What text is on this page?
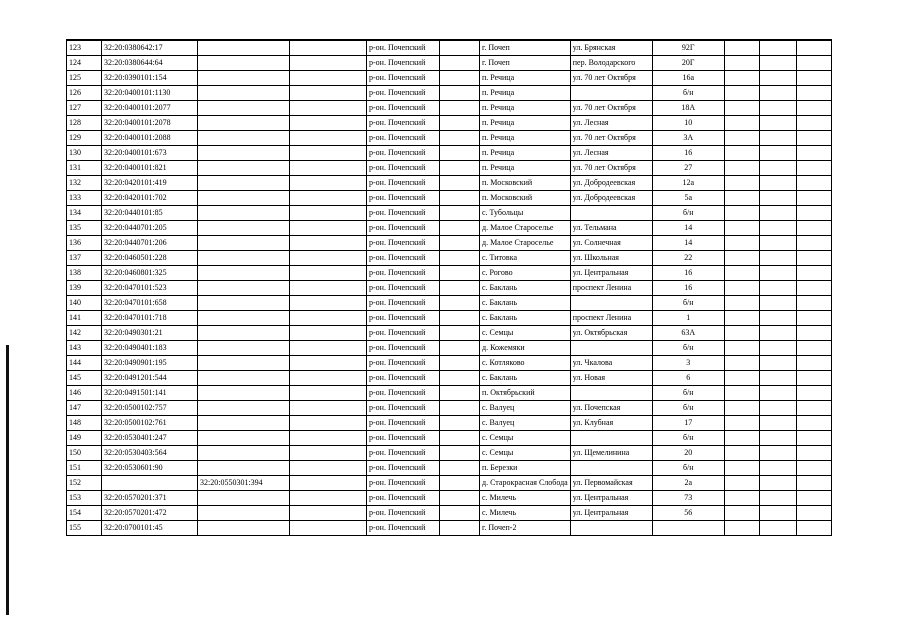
123	32:20:0380642:17			р-он. Почепский		г. Почеп	ул. Брянская	92Г			
124	32:20:0380644:64			р-он. Почепский		г. Почеп	пер. Володарского	20Г			
125	32:20:0390101:154			р-он. Почепский		п. Речица	ул. 70 лет Октября	16а			
126	32:20:0400101:1130			р-он. Почепский		п. Речица		б/н			
127	32:20:0400101:2077			р-он. Почепский		п. Речица	ул. 70 лет Октября	18А			
128	32:20:0400101:2078			р-он. Почепский		п. Речица	ул. Лесная	10			
129	32:20:0400101:2088			р-он. Почепский		п. Речица	ул. 70 лет Октября	3А			
130	32:20:0400101:673			р-он. Почепский		п. Речица	ул. Лесная	16			
131	32:20:0400101:821			р-он. Почепский		п. Речица	ул. 70 лет Октября	27			
132	32:20:0420101:419			р-он. Почепский		п. Московский	ул. Добродеевская	12а			
133	32:20:0420101:702			р-он. Почепский		п. Московский	ул. Добродеевская	5а			
134	32:20:0440101:85			р-он. Почепский		с. Тубольцы		б/н			
135	32:20:0440701:205			р-он. Почепский		д. Малое Староселье	ул. Тельмана	14			
136	32:20:0440701:206			р-он. Почепский		д. Малое Староселье	ул. Солнечная	14			
137	32:20:0460501:228			р-он. Почепский		с. Титовка	ул. Школьная	22			
138	32:20:0460801:325			р-он. Почепский		с. Рогово	ул. Центральная	16			
139	32:20:0470101:523			р-он. Почепский		с. Баклань	проспект Ленина	16			
140	32:20:0470101:658			р-он. Почепский		с. Баклань		б/н			
141	32:20:0470101:718			р-он. Почепский		с. Баклань	проспект Ленина	1			
142	32:20:0490301:21			р-он. Почепский		с. Семцы	ул. Октябрьская	63А			
143	32:20:0490401:183			р-он. Почепский		д. Кожемяки		б/н			
144	32:20:0490901:195			р-он. Почепский		с. Котляково	ул. Чкалова	3			
145	32:20:0491201:544			р-он. Почепский		с. Баклань	ул. Новая	6			
146	32:20:0491501:141			р-он. Почепский		п. Октябрьский		б/н			
147	32:20:0500102:757			р-он. Почепский		с. Валуец	ул. Почепская	б/н			
148	32:20:0500102:761			р-он. Почепский		с. Валуец	ул. Клубная	17			
149	32:20:0530401:247			р-он. Почепский		с. Семцы		б/н			
150	32:20:0530403:564			р-он. Почепский		с. Семцы	ул. Щемелинина	20			
151	32:20:0530601:90			р-он. Почепский		п. Березки		б/н			
152		32:20:0550301:394		р-он. Почепский		д. Старокрасная Слобода	ул. Первомайская	2а			
153	32:20:0570201:371			р-он. Почепский		с. Милечь	ул. Центральная	73			
154	32:20:0570201:472			р-он. Почепский		с. Милечь	ул. Центральная	56			
155	32:20:0700101:45			р-он. Почепский		г. Почеп-2					
